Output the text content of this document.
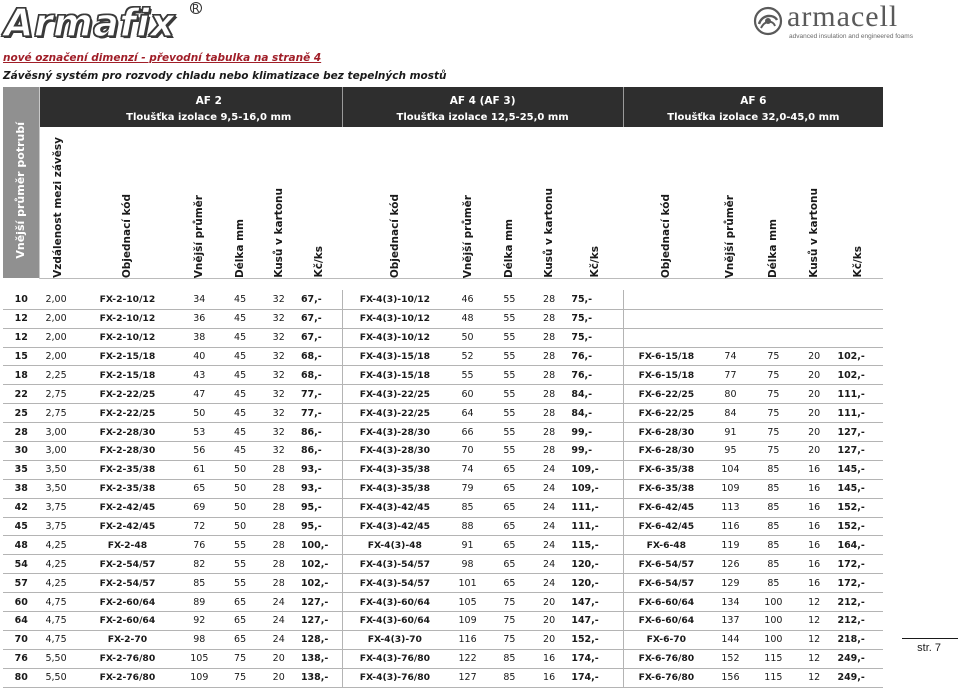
Armafix R	armacell
advanced insulation and engineered foams
nové označení dimenzí - převodní tabulka na straně 4
Závěsný systém pro rozvody chladu nebo klimatizace bez tepelných mostů
Vnější průměr potrubí		AF 2					AF 4 (AF 3)					AF 6				
		Tloušťka izolace 9,5-16,0 mm					Tloušťka izolace 12,5-25,0 mm					Tloušťka izolace 32,0-45,0 mm				

	Vzdálenost mezi závěsy	Objednací kód	Vnější průměr	Délka mm	Kusů v kartonu	Kč/ks	Objednací kód	Vnější průměr	Délka mm	Kusů v kartonu	Kč/ks	Objednací kód	Vnější průměr	Délka mm	Kusů v kartonu	Kč/ks

10	2,00	FX-2-10/12	34	45	32	67,-	FX-4(3)-10/12	46	55	28	75,-					
12	2,00	FX-2-10/12	36	45	32	67,-	FX-4(3)-10/12	48	55	28	75,-					
12	2,00	FX-2-10/12	38	45	32	67,-	FX-4(3)-10/12	50	55	28	75,-					
15	2,00	FX-2-15/18	40	45	32	68,-	FX-4(3)-15/18	52	55	28	76,-	FX-6-15/18	74	75	20	102,-
18	2,25	FX-2-15/18	43	45	32	68,-	FX-4(3)-15/18	55	55	28	76,-	FX-6-15/18	77	75	20	102,-
22	2,75	FX-2-22/25	47	45	32	77,-	FX-4(3)-22/25	60	55	28	84,-	FX-6-22/25	80	75	20	111,-
25	2,75	FX-2-22/25	50	45	32	77,-	FX-4(3)-22/25	64	55	28	84,-	FX-6-22/25	84	75	20	111,-
28	3,00	FX-2-28/30	53	45	32	86,-	FX-4(3)-28/30	66	55	28	99,-	FX-6-28/30	91	75	20	127,-
30	3,00	FX-2-28/30	56	45	32	86,-	FX-4(3)-28/30	70	55	28	99,-	FX-6-28/30	95	75	20	127,-
35	3,50	FX-2-35/38	61	50	28	93,-	FX-4(3)-35/38	74	65	24	109,-	FX-6-35/38	104	85	16	145,-
38	3,50	FX-2-35/38	65	50	28	93,-	FX-4(3)-35/38	79	65	24	109,-	FX-6-35/38	109	85	16	145,-
42	3,75	FX-2-42/45	69	50	28	95,-	FX-4(3)-42/45	85	65	24	111,-	FX-6-42/45	113	85	16	152,-
45	3,75	FX-2-42/45	72	50	28	95,-	FX-4(3)-42/45	88	65	24	111,-	FX-6-42/45	116	85	16	152,-
48	4,25	FX-2-48	76	55	28	100,-	FX-4(3)-48	91	65	24	115,-	FX-6-48	119	85	16	164,-
54	4,25	FX-2-54/57	82	55	28	102,-	FX-4(3)-54/57	98	65	24	120,-	FX-6-54/57	126	85	16	172,-
57	4,25	FX-2-54/57	85	55	28	102,-	FX-4(3)-54/57	101	65	24	120,-	FX-6-54/57	129	85	16	172,-
60	4,75	FX-2-60/64	89	65	24	127,-	FX-4(3)-60/64	105	75	20	147,-	FX-6-60/64	134	100	12	212,-
64	4,75	FX-2-60/64	92	65	24	127,-	FX-4(3)-60/64	109	75	20	147,-	FX-6-60/64	137	100	12	212,-
70	4,75	FX-2-70	98	65	24	128,-	FX-4(3)-70	116	75	20	152,-	FX-6-70	144	100	12	218,-
76	5,50	FX-2-76/80	105	75	20	138,-	FX-4(3)-76/80	122	85	16	174,-	FX-6-76/80	152	115	12	249,-
80	5,50	FX-2-76/80	109	75	20	138,-	FX-4(3)-76/80	127	85	16	174,-	FX-6-76/80	156	115	12	249,-
str. 7
